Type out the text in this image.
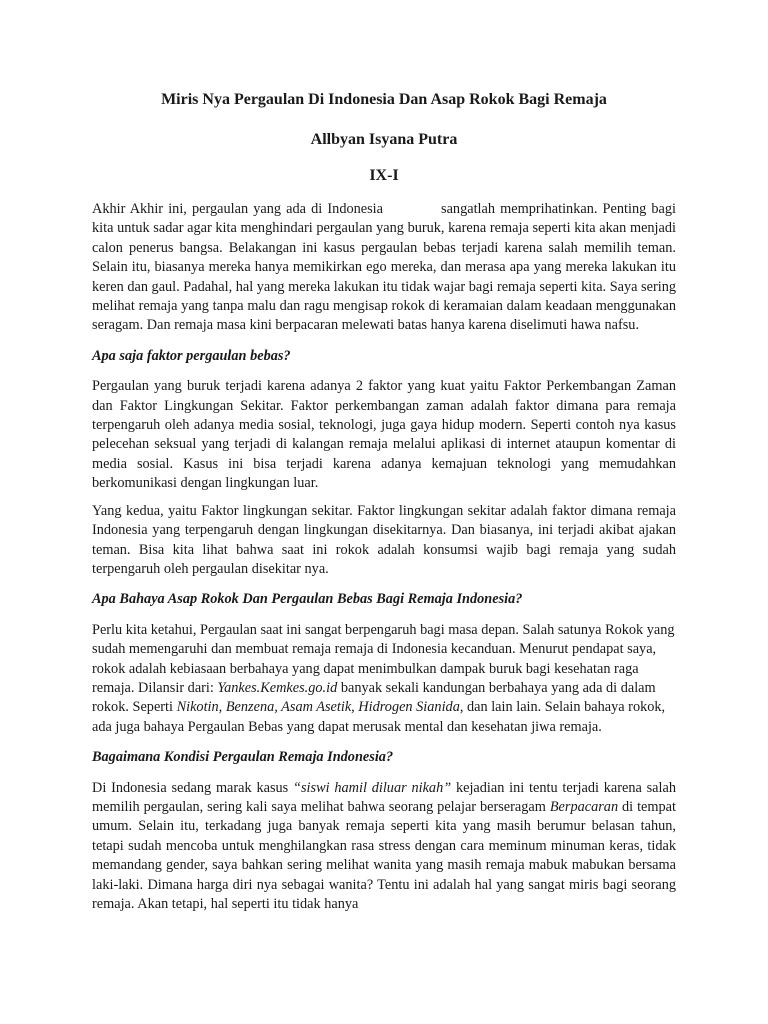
Miris Nya Pergaulan Di Indonesia Dan Asap Rokok Bagi Remaja

Allbyan Isyana Putra

IX-I

Akhir Akhir ini, pergaulan yang ada di Indonesia	sangatlah memprihatinkan. Penting bagi kita untuk sadar agar kita menghindari pergaulan yang buruk, karena remaja seperti kita akan menjadi calon penerus bangsa. Belakangan ini kasus pergaulan bebas terjadi karena salah memilih teman. Selain itu, biasanya mereka hanya memikirkan ego mereka, dan merasa apa yang mereka lakukan itu keren dan gaul. Padahal, hal yang mereka lakukan itu tidak wajar bagi remaja seperti kita. Saya sering melihat remaja yang tanpa malu dan ragu mengisap rokok di keramaian dalam keadaan menggunakan seragam. Dan remaja masa kini berpacaran melewati batas hanya karena diselimuti hawa nafsu.

Apa saja faktor pergaulan bebas?

Pergaulan yang buruk terjadi karena adanya 2 faktor yang kuat yaitu Faktor Perkembangan Zaman dan Faktor Lingkungan Sekitar. Faktor perkembangan zaman adalah faktor dimana para remaja terpengaruh oleh adanya media sosial, teknologi, juga gaya hidup modern. Seperti contoh nya kasus pelecehan seksual yang terjadi di kalangan remaja melalui aplikasi di internet ataupun komentar di media sosial. Kasus ini bisa terjadi karena adanya kemajuan teknologi yang memudahkan berkomunikasi dengan lingkungan luar.

Yang kedua, yaitu Faktor lingkungan sekitar. Faktor lingkungan sekitar adalah faktor dimana remaja Indonesia yang terpengaruh dengan lingkungan disekitarnya. Dan biasanya, ini terjadi akibat ajakan teman. Bisa kita lihat bahwa saat ini rokok adalah konsumsi wajib bagi remaja yang sudah terpengaruh oleh pergaulan disekitar nya.

Apa Bahaya Asap Rokok Dan Pergaulan Bebas Bagi Remaja Indonesia?

Perlu kita ketahui, Pergaulan saat ini sangat berpengaruh bagi masa depan. Salah satunya Rokok yang sudah memengaruhi dan membuat remaja remaja di Indonesia kecanduan. Menurut pendapat saya, rokok adalah kebiasaan berbahaya yang dapat menimbulkan dampak buruk bagi kesehatan raga remaja. Dilansir dari: Yankes.Kemkes.go.id banyak sekali kandungan berbahaya yang ada di dalam rokok. Seperti Nikotin, Benzena, Asam Asetik, Hidrogen Sianida, dan lain lain. Selain bahaya rokok, ada juga bahaya Pergaulan Bebas yang dapat merusak mental dan kesehatan jiwa remaja.

Bagaimana Kondisi Pergaulan Remaja Indonesia?

Di Indonesia sedang marak kasus “siswi hamil diluar nikah” kejadian ini tentu terjadi karena salah memilih pergaulan, sering kali saya melihat bahwa seorang pelajar berseragam Berpacaran di tempat umum. Selain itu, terkadang juga banyak remaja seperti kita yang masih berumur belasan tahun, tetapi sudah mencoba untuk menghilangkan rasa stress dengan cara meminum minuman keras, tidak memandang gender, saya bahkan sering melihat wanita yang masih remaja mabuk mabukan bersama laki-laki. Dimana harga diri nya sebagai wanita? Tentu ini adalah hal yang sangat miris bagi seorang remaja. Akan tetapi, hal seperti itu tidak hanya
